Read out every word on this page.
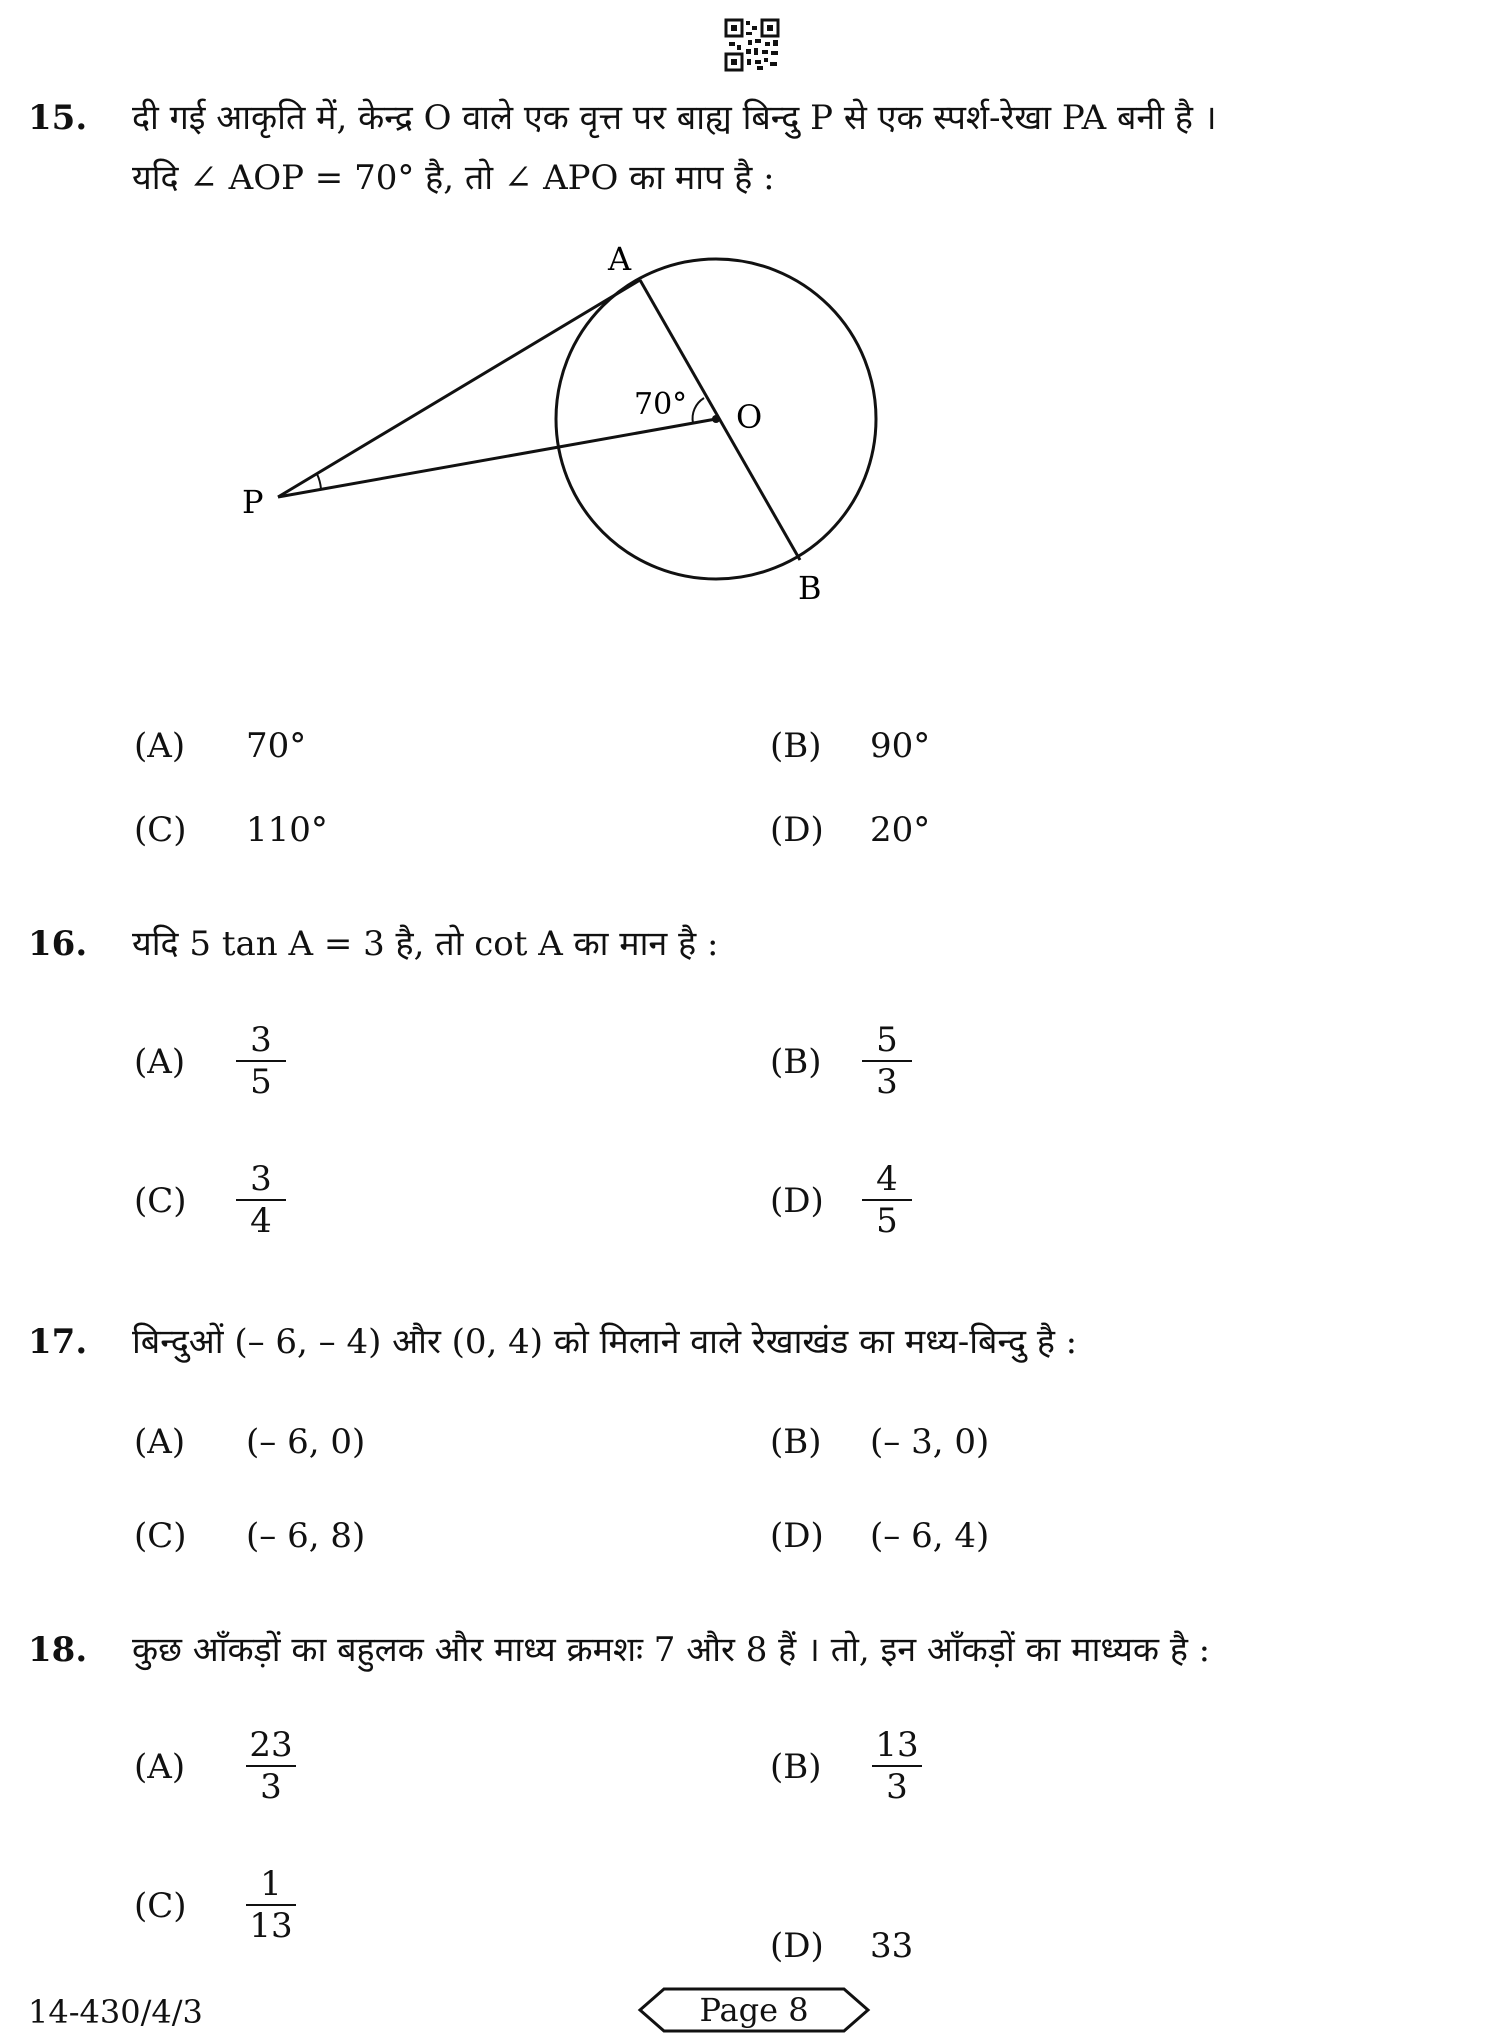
15.	दी गई आकृति में, केन्द्र O वाले एक वृत्त पर बाह्य बिन्दु P से एक स्पर्श-रेखा PA बनी है ।
यदि ∠ AOP = 70° है, तो ∠ APO का माप है :
A
B
O
P
70°
(A) 70°	(B) 90°
(C) 110°	(D) 20°
16.	यदि 5 tan A = 3 है, तो cot A का मान है :
(A)
3
5	(B)
5
3
(C)
3
4	(D)
4
5
17.	बिन्दुओं (– 6, – 4) और (0, 4) को मिलाने वाले रेखाखंड का मध्य-बिन्दु है :
(A) (– 6, 0)	(B) (– 3, 0)
(C) (– 6, 8)	(D) (– 6, 4)
18.	कुछ आँकड़ों का बहुलक और माध्य क्रमशः 7 और 8 हैं । तो, इन आँकड़ों का माध्यक है :
(A)
23
3	(B)
13
3
(C)
1
13	(D) 33
14-430/4/3	Page 8
